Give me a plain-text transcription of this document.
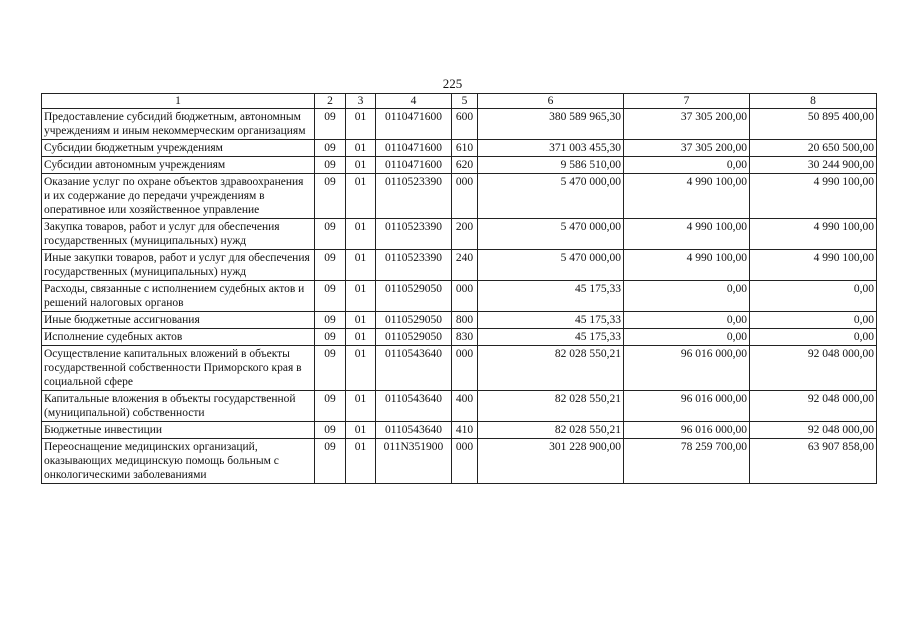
225
1	2	3	4	5	6	7	8
Предоставление субсидий бюджетным, автономным учреждениям и иным некоммерческим организациям	09	01	0110471600	600	380 589 965,30	37 305 200,00	50 895 400,00
Субсидии бюджетным учреждениям	09	01	0110471600	610	371 003 455,30	37 305 200,00	20 650 500,00
Субсидии автономным учреждениям	09	01	0110471600	620	9 586 510,00	0,00	30 244 900,00
Оказание услуг по охране объектов здравоохранения и их содержание до передачи учреждениям в оперативное или хозяйственное управление	09	01	0110523390	000	5 470 000,00	4 990 100,00	4 990 100,00
Закупка товаров, работ и услуг для обеспечения государственных (муниципальных) нужд	09	01	0110523390	200	5 470 000,00	4 990 100,00	4 990 100,00
Иные закупки товаров, работ и услуг для обеспечения государственных (муниципальных) нужд	09	01	0110523390	240	5 470 000,00	4 990 100,00	4 990 100,00
Расходы, связанные с исполнением судебных актов и решений налоговых органов	09	01	0110529050	000	45 175,33	0,00	0,00
Иные бюджетные ассигнования	09	01	0110529050	800	45 175,33	0,00	0,00
Исполнение судебных актов	09	01	0110529050	830	45 175,33	0,00	0,00
Осуществление капитальных вложений в объекты государственной собственности Приморского края в социальной сфере	09	01	0110543640	000	82 028 550,21	96 016 000,00	92 048 000,00
Капитальные вложения в объекты государственной (муниципальной) собственности	09	01	0110543640	400	82 028 550,21	96 016 000,00	92 048 000,00
Бюджетные инвестиции	09	01	0110543640	410	82 028 550,21	96 016 000,00	92 048 000,00
Переоснащение медицинских организаций, оказывающих медицинскую помощь больным с онкологическими заболеваниями	09	01	011N351900	000	301 228 900,00	78 259 700,00	63 907 858,00
